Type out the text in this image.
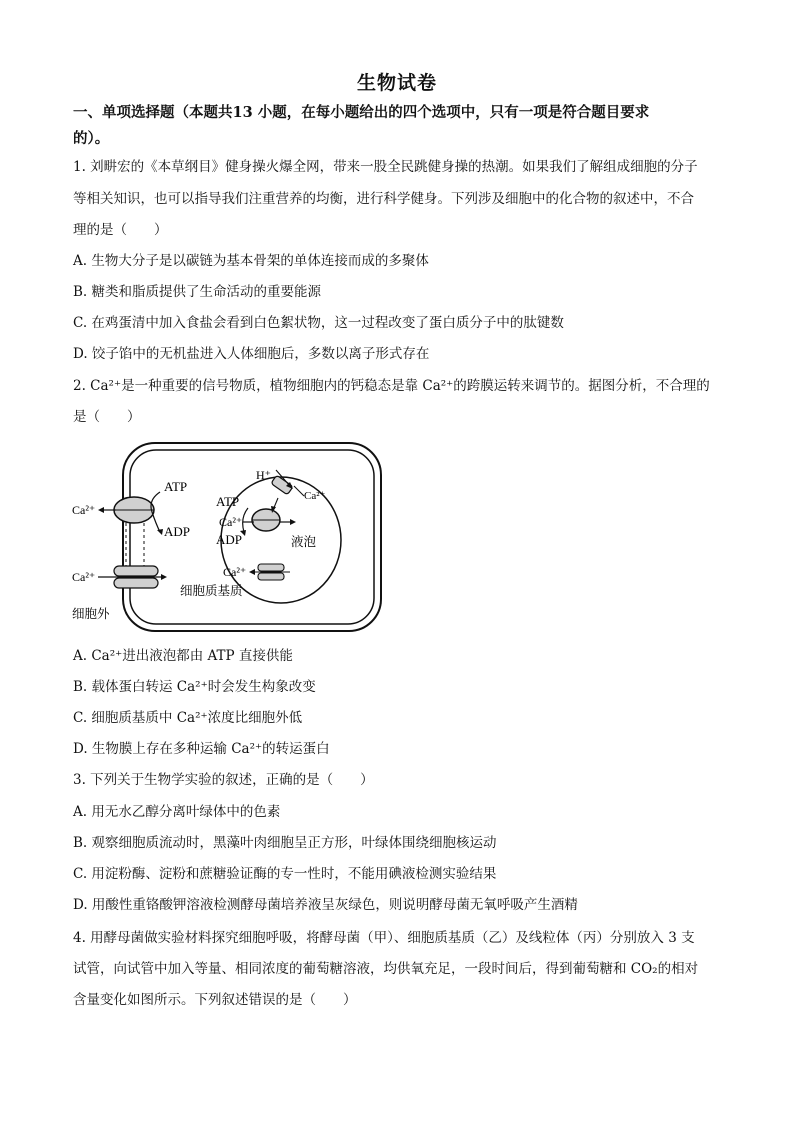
生物试卷
一、单项选择题（本题共13 小题，在每小题给出的四个选项中，只有一项是符合题目要求
的）。
1. 刘畊宏的《本草纲目》健身操火爆全网，带来一股全民跳健身操的热潮。如果我们了解组成细胞的分子
等相关知识，也可以指导我们注重营养的均衡，进行科学健身。下列涉及细胞中的化合物的叙述中，不合
理的是（　　）
A. 生物大分子是以碳链为基本骨架的单体连接而成的多聚体
B. 糖类和脂质提供了生命活动的重要能源
C. 在鸡蛋清中加入食盐会看到白色絮状物，这一过程改变了蛋白质分子中的肽键数
D. 饺子馅中的无机盐进入人体细胞后，多数以离子形式存在
2. Ca²⁺是一种重要的信号物质，植物细胞内的钙稳态是靠 Ca²⁺的跨膜运转来调节的。据图分析，不合理的
是（　　）
ATP
ADP
Ca²⁺
Ca²⁺
细胞外
细胞质基质
液泡
H⁺
Ca²⁺
ATP
Ca²⁺
ADP
Ca²⁺
A. Ca²⁺进出液泡都由 ATP 直接供能
B. 载体蛋白转运 Ca²⁺时会发生构象改变
C. 细胞质基质中 Ca²⁺浓度比细胞外低
D. 生物膜上存在多种运输 Ca²⁺的转运蛋白
3. 下列关于生物学实验的叙述，正确的是（　　）
A. 用无水乙醇分离叶绿体中的色素
B. 观察细胞质流动时，黑藻叶肉细胞呈正方形，叶绿体围绕细胞核运动
C. 用淀粉酶、淀粉和蔗糖验证酶的专一性时，不能用碘液检测实验结果
D. 用酸性重铬酸钾溶液检测酵母菌培养液呈灰绿色，则说明酵母菌无氧呼吸产生酒精
4. 用酵母菌做实验材料探究细胞呼吸，将酵母菌（甲）、细胞质基质（乙）及线粒体（丙）分别放入 3 支
试管，向试管中加入等量、相同浓度的葡萄糖溶液，均供氧充足，一段时间后，得到葡萄糖和 CO₂的相对
含量变化如图所示。下列叙述错误的是（　　）
